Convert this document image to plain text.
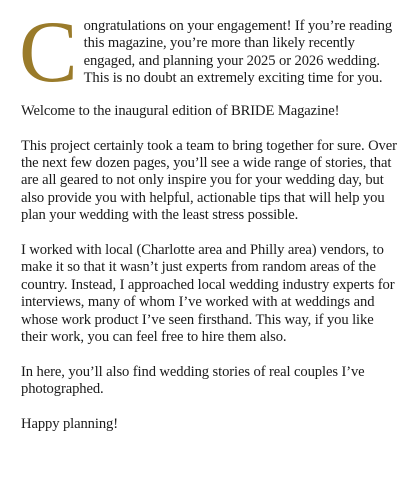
Congratulations on your engagement! If you’re reading this magazine, you’re more than likely recently engaged, and planning your 2025 or 2026 wedding. This is no doubt an extremely exciting time for you.

Welcome to the inaugural edition of BRIDE Magazine!

This project certainly took a team to bring together for sure. Over the next few dozen pages, you’ll see a wide range of stories, that are all geared to not only inspire you for your wedding day, but also provide you with helpful, actionable tips that will help you plan your wedding with the least stress possible.

I worked with local (Charlotte area and Philly area) vendors, to make it so that it wasn’t just experts from random areas of the country. Instead, I approached local wedding industry experts for interviews, many of whom I’ve worked with at weddings and whose work product I’ve seen firsthand. This way, if you like their work, you can feel free to hire them also.

In here, you’ll also find wedding stories of real couples I’ve photographed.

Happy planning!
